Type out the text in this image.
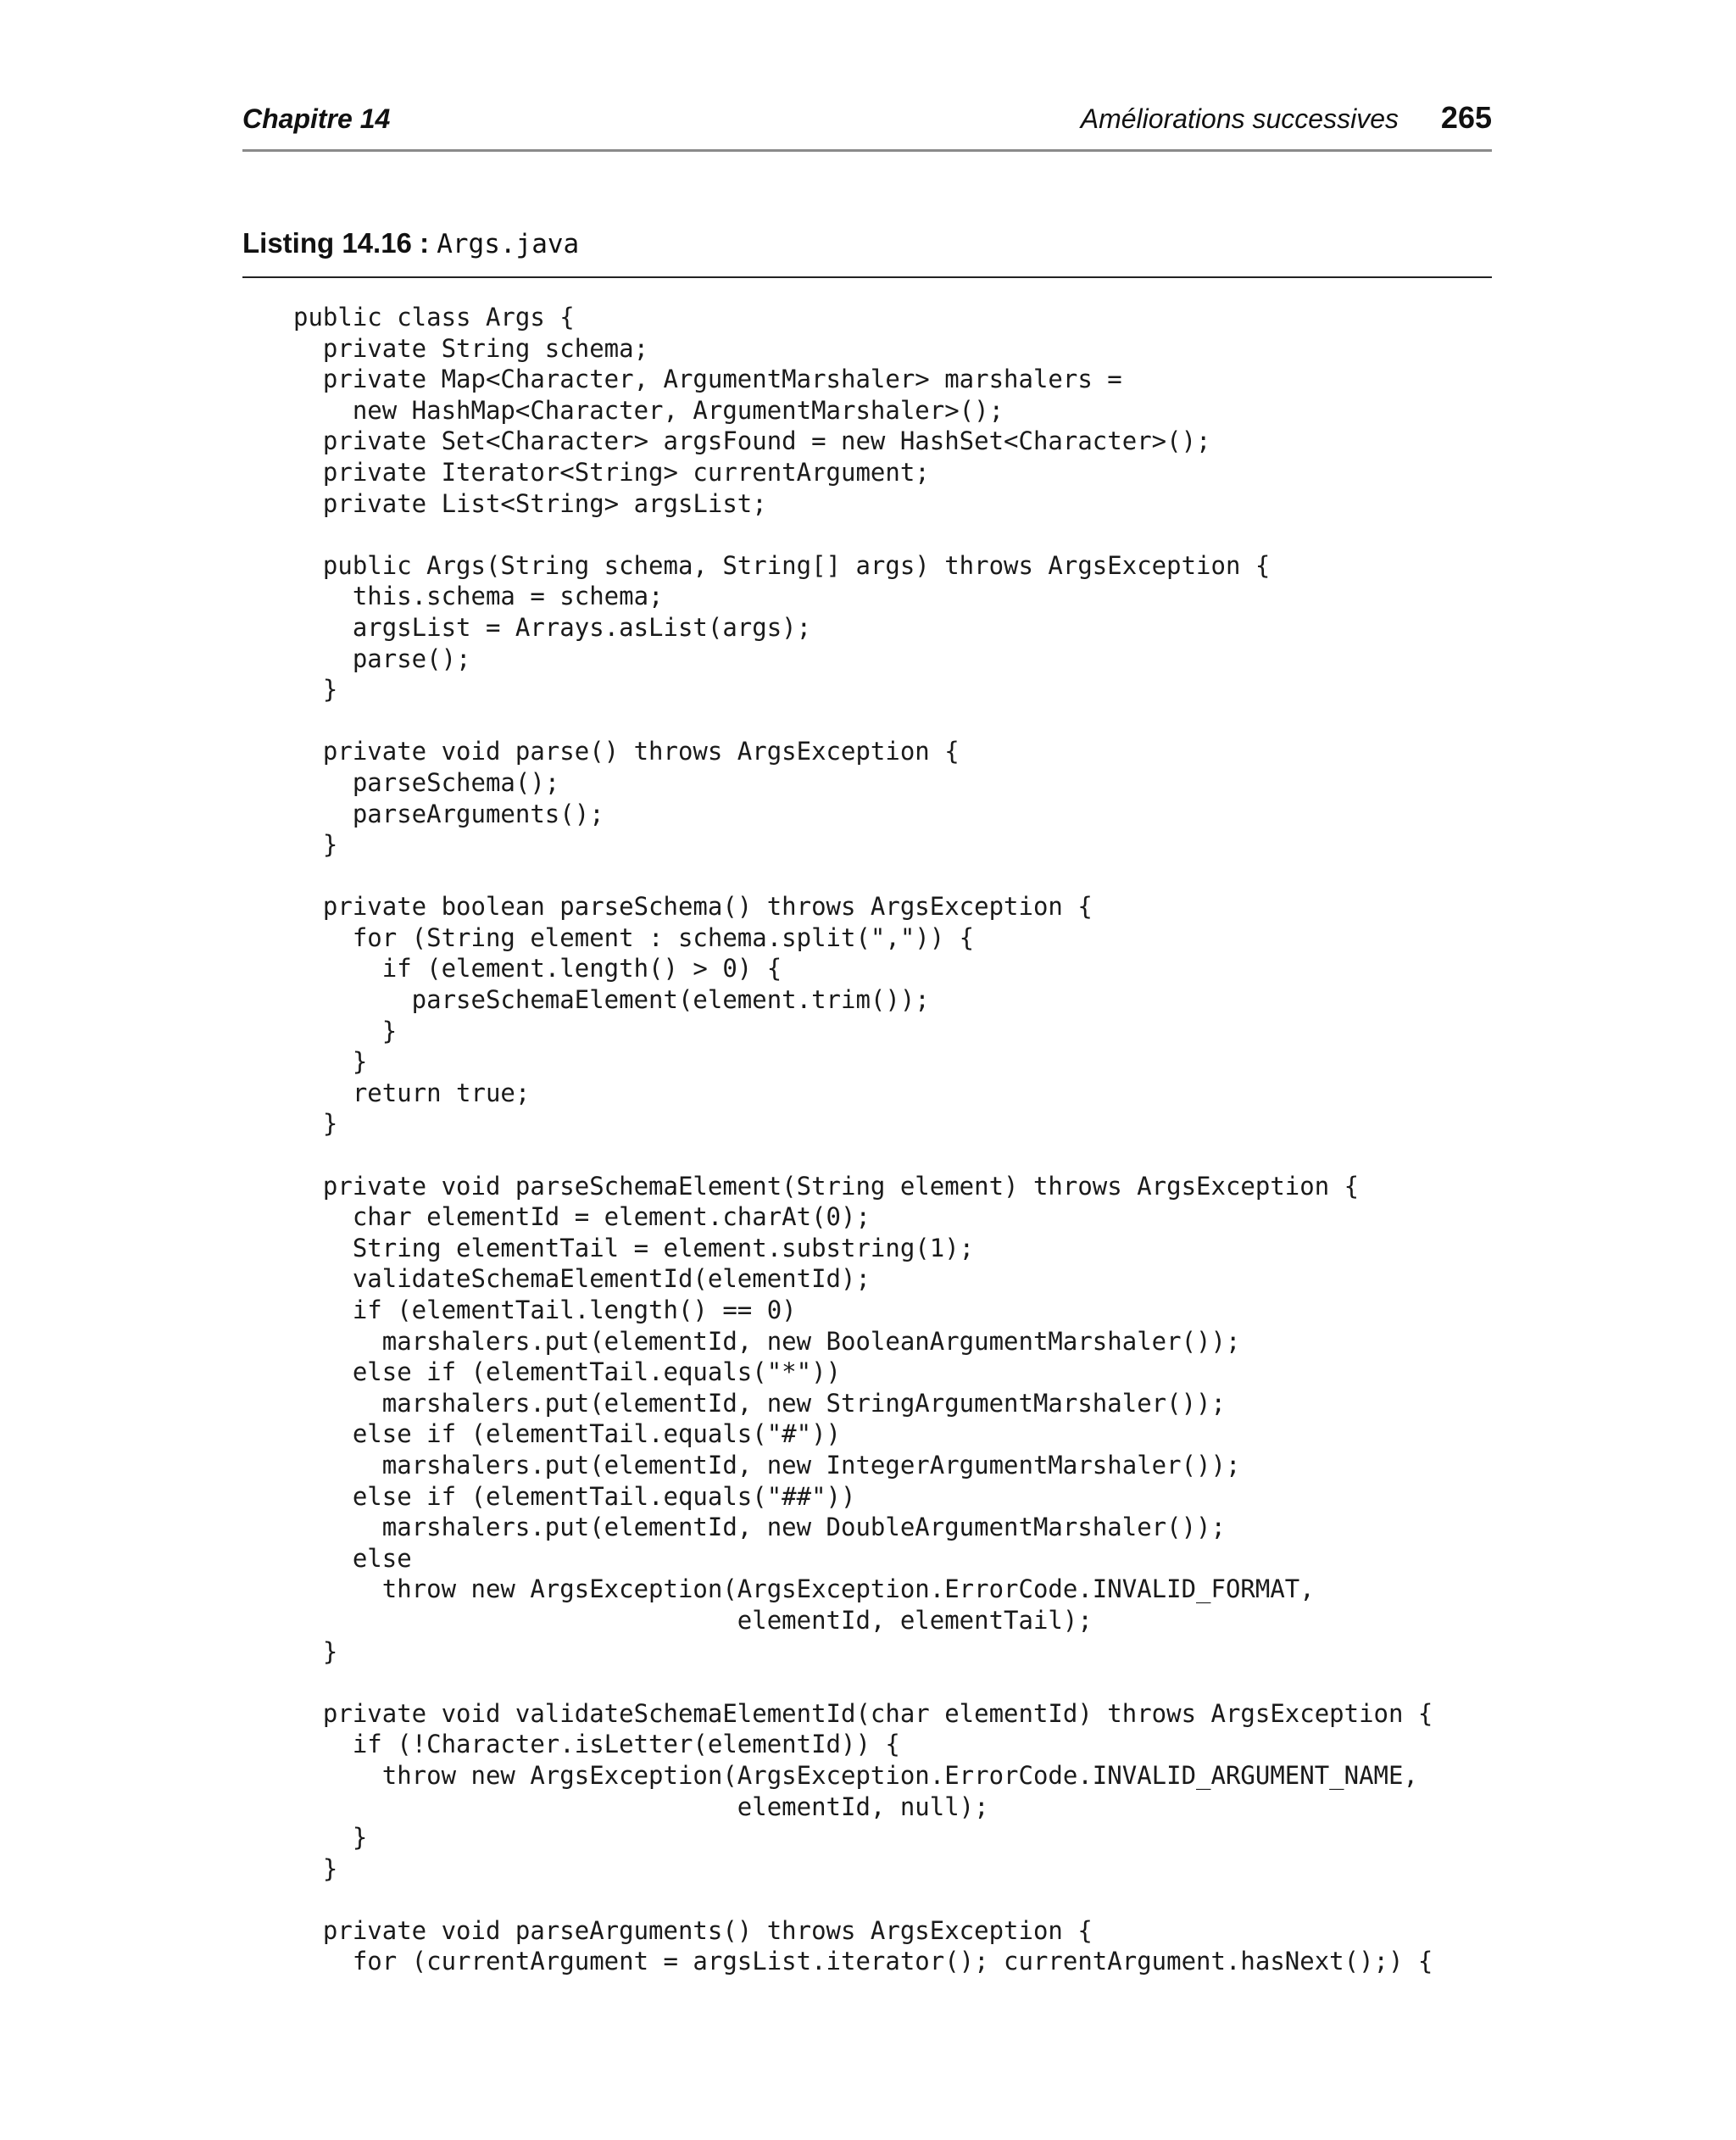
Chapitre 14	Améliorations successives 265
Listing 14.16 : Args.java
public class Args {
private String schema;
private Map<Character, ArgumentMarshaler> marshalers =
new HashMap<Character, ArgumentMarshaler>();
private Set<Character> argsFound = new HashSet<Character>();
private Iterator<String> currentArgument;
private List<String> argsList;
public Args(String schema, String[] args) throws ArgsException {
this.schema = schema;
argsList = Arrays.asList(args);
parse();
}
private void parse() throws ArgsException {
parseSchema();
parseArguments();
}
private boolean parseSchema() throws ArgsException {
for (String element : schema.split(",")) {
if (element.length() > 0) {
parseSchemaElement(element.trim());
}
}
return true;
}
private void parseSchemaElement(String element) throws ArgsException {
char elementId = element.charAt(0);
String elementTail = element.substring(1);
validateSchemaElementId(elementId);
if (elementTail.length() == 0)
marshalers.put(elementId, new BooleanArgumentMarshaler());
else if (elementTail.equals("*"))
marshalers.put(elementId, new StringArgumentMarshaler());
else if (elementTail.equals("#"))
marshalers.put(elementId, new IntegerArgumentMarshaler());
else if (elementTail.equals("##"))
marshalers.put(elementId, new DoubleArgumentMarshaler());
else
throw new ArgsException(ArgsException.ErrorCode.INVALID_FORMAT,
elementId, elementTail);
}
private void validateSchemaElementId(char elementId) throws ArgsException {
if (!Character.isLetter(elementId)) {
throw new ArgsException(ArgsException.ErrorCode.INVALID_ARGUMENT_NAME,
elementId, null);
}
}
private void parseArguments() throws ArgsException {
for (currentArgument = argsList.iterator(); currentArgument.hasNext();) {
